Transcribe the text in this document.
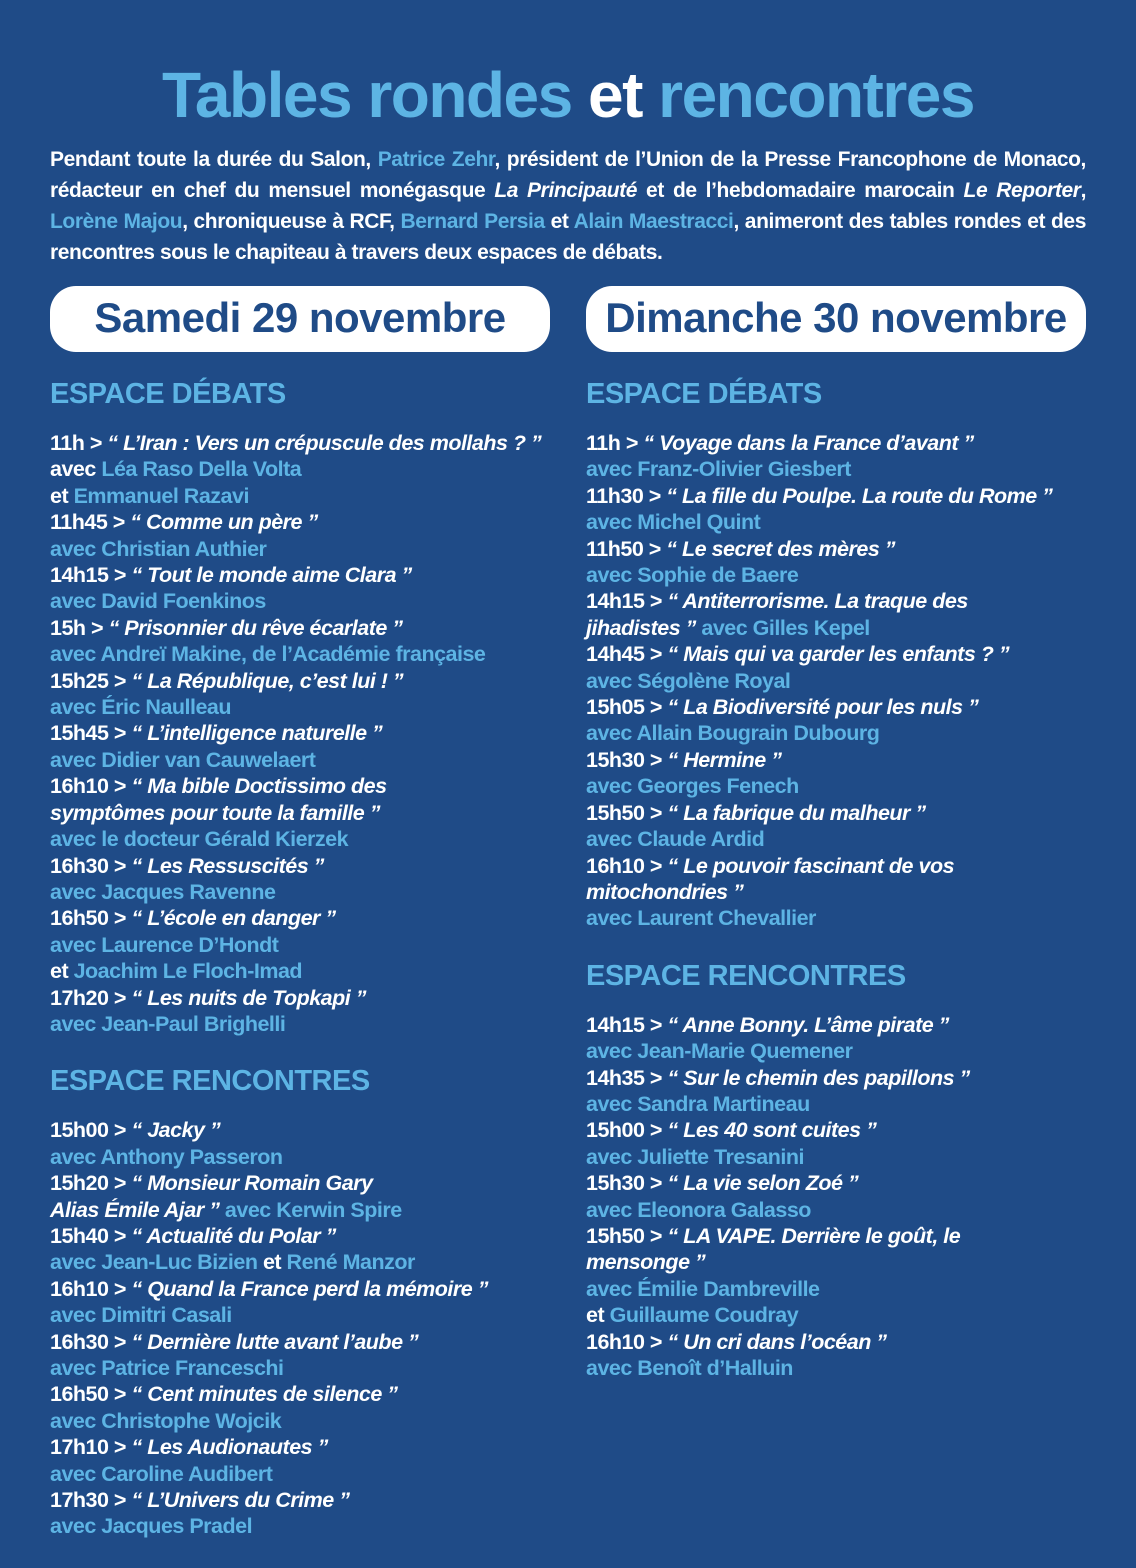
Tables rondes et rencontres
Pendant toute la durée du Salon, Patrice Zehr, président de l’Union de la Presse Francophone de Monaco, rédacteur en chef du mensuel monégasque La Principauté et de l’hebdomadaire marocain Le Reporter, Lorène Majou, chroniqueuse à RCF, Bernard Persia et Alain Maestracci, animeront des tables rondes et des rencontres sous le chapiteau à travers deux espaces de débats.
Samedi 29 novembre	Dimanche 30 novembre
ESPACE DÉBATS
11h > “ L’Iran : Vers un crépuscule des mollahs ? ”
avec Léa Raso Della Volta
et Emmanuel Razavi
11h45 > “ Comme un père ”
avec Christian Authier
14h15 > “ Tout le monde aime Clara ”
avec David Foenkinos
15h > “ Prisonnier du rêve écarlate ”
avec Andreï Makine, de l’Académie française
15h25 > “ La République, c’est lui ! ”
avec Éric Naulleau
15h45 > “ L’intelligence naturelle ”
avec Didier van Cauwelaert
16h10 > “ Ma bible Doctissimo des
symptômes pour toute la famille ”
avec le docteur Gérald Kierzek
16h30 > “ Les Ressuscités ”
avec Jacques Ravenne
16h50 > “ L’école en danger ”
avec Laurence D’Hondt
et Joachim Le Floch-Imad
17h20 > “ Les nuits de Topkapi ”
avec Jean-Paul Brighelli
ESPACE RENCONTRES
15h00 > “ Jacky ”
avec Anthony Passeron
15h20 > “ Monsieur Romain Gary
Alias Émile Ajar ” avec Kerwin Spire
15h40 > “ Actualité du Polar ”
avec Jean-Luc Bizien et René Manzor
16h10 > “ Quand la France perd la mémoire ”
avec Dimitri Casali
16h30 > “ Dernière lutte avant l’aube ”
avec Patrice Franceschi
16h50 > “ Cent minutes de silence ”
avec Christophe Wojcik
17h10 > “ Les Audionautes ”
avec Caroline Audibert
17h30 > “ L’Univers du Crime ”
avec Jacques Pradel
ESPACE DÉBATS
11h > “ Voyage dans la France d’avant ”
avec Franz-Olivier Giesbert
11h30 > “ La fille du Poulpe. La route du Rome ”
avec Michel Quint
11h50 > “ Le secret des mères ”
avec Sophie de Baere
14h15 > “ Antiterrorisme. La traque des
jihadistes ” avec Gilles Kepel
14h45 > “ Mais qui va garder les enfants ? ”
avec Ségolène Royal
15h05 > “ La Biodiversité pour les nuls ”
avec Allain Bougrain Dubourg
15h30 > “ Hermine ”
avec Georges Fenech
15h50 > “ La fabrique du malheur ”
avec Claude Ardid
16h10 > “ Le pouvoir fascinant de vos
mitochondries ”
avec Laurent Chevallier
ESPACE RENCONTRES
14h15 > “ Anne Bonny. L’âme pirate ”
avec Jean-Marie Quemener
14h35 > “ Sur le chemin des papillons ”
avec Sandra Martineau
15h00 > “ Les 40 sont cuites ”
avec Juliette Tresanini
15h30 > “ La vie selon Zoé ”
avec Eleonora Galasso
15h50 > “ LA VAPE. Derrière le goût, le
mensonge ”
avec Émilie Dambreville
et Guillaume Coudray
16h10 > “ Un cri dans l’océan ”
avec Benoît d’Halluin
